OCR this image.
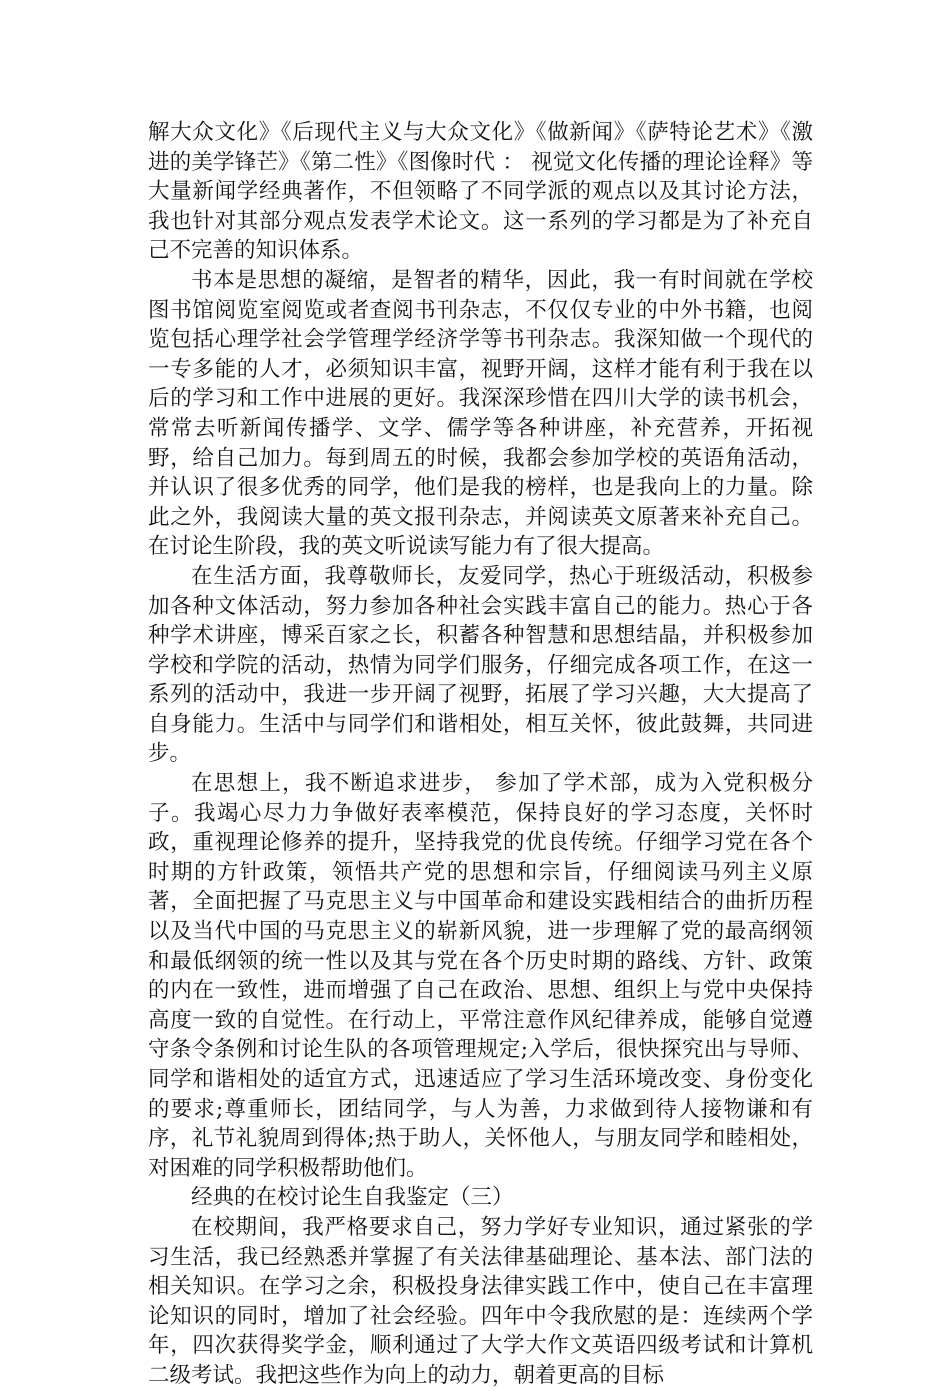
解大众文化》《后现代主义与大众文化》《做新闻》《萨特论艺术》《激进的美学锋芒》《第二性》《图像时代 ： 视觉文化传播的理论诠释》等大量新闻学经典著作，不但领略了不同学派的观点以及其讨论方法，我也针对其部分观点发表学术论文。这一系列的学习都是为了补充自己不完善的知识体系。

书本是思想的凝缩，是智者的精华，因此，我一有时间就在学校图书馆阅览室阅览或者查阅书刊杂志，不仅仅专业的中外书籍，也阅览包括心理学社会学管理学经济学等书刊杂志。我深知做一个现代的一专多能的人才，必须知识丰富，视野开阔，这样才能有利于我在以后的学习和工作中进展的更好。我深深珍惜在四川大学的读书机会，常常去听新闻传播学、文学、儒学等各种讲座，补充营养，开拓视野，给自己加力。每到周五的时候，我都会参加学校的英语角活动，并认识了很多优秀的同学，他们是我的榜样，也是我向上的力量。除此之外，我阅读大量的英文报刊杂志，并阅读英文原著来补充自己。在讨论生阶段，我的英文听说读写能力有了很大提高。

在生活方面，我尊敬师长，友爱同学，热心于班级活动，积极参加各种文体活动，努力参加各种社会实践丰富自己的能力。热心于各种学术讲座，博采百家之长，积蓄各种智慧和思想结晶，并积极参加学校和学院的活动，热情为同学们服务，仔细完成各项工作，在这一系列的活动中，我进一步开阔了视野，拓展了学习兴趣，大大提高了自身能力。生活中与同学们和谐相处，相互关怀，彼此鼓舞，共同进步。

在思想上，我不断追求进步， 参加了学术部，成为入党积极分子。我竭心尽力力争做好表率模范，保持良好的学习态度，关怀时政，重视理论修养的提升，坚持我党的优良传统。仔细学习党在各个时期的方针政策，领悟共产党的思想和宗旨，仔细阅读马列主义原著，全面把握了马克思主义与中国革命和建设实践相结合的曲折历程以及当代中国的马克思主义的崭新风貌，进一步理解了党的最高纲领和最低纲领的统一性以及其与党在各个历史时期的路线、方针、政策的内在一致性，进而增强了自己在政治、思想、组织上与党中央保持高度一致的自觉性。在行动上，平常注意作风纪律养成，能够自觉遵守条令条例和讨论生队的各项管理规定;入学后，很快探究出与导师、同学和谐相处的适宜方式，迅速适应了学习生活环境改变、身份变化的要求;尊重师长，团结同学，与人为善，力求做到待人接物谦和有序，礼节礼貌周到得体;热于助人，关怀他人，与朋友同学和睦相处，对困难的同学积极帮助他们。

经典的在校讨论生自我鉴定（三）

在校期间，我严格要求自己，努力学好专业知识，通过紧张的学习生活，我已经熟悉并掌握了有关法律基础理论、基本法、部门法的相关知识。在学习之余，积极投身法律实践工作中，使自己在丰富理论知识的同时，增加了社会经验。四年中令我欣慰的是：连续两个学年，四次获得奖学金，顺利通过了大学大作文英语四级考试和计算机二级考试。我把这些作为向上的动力，朝着更高的目标
